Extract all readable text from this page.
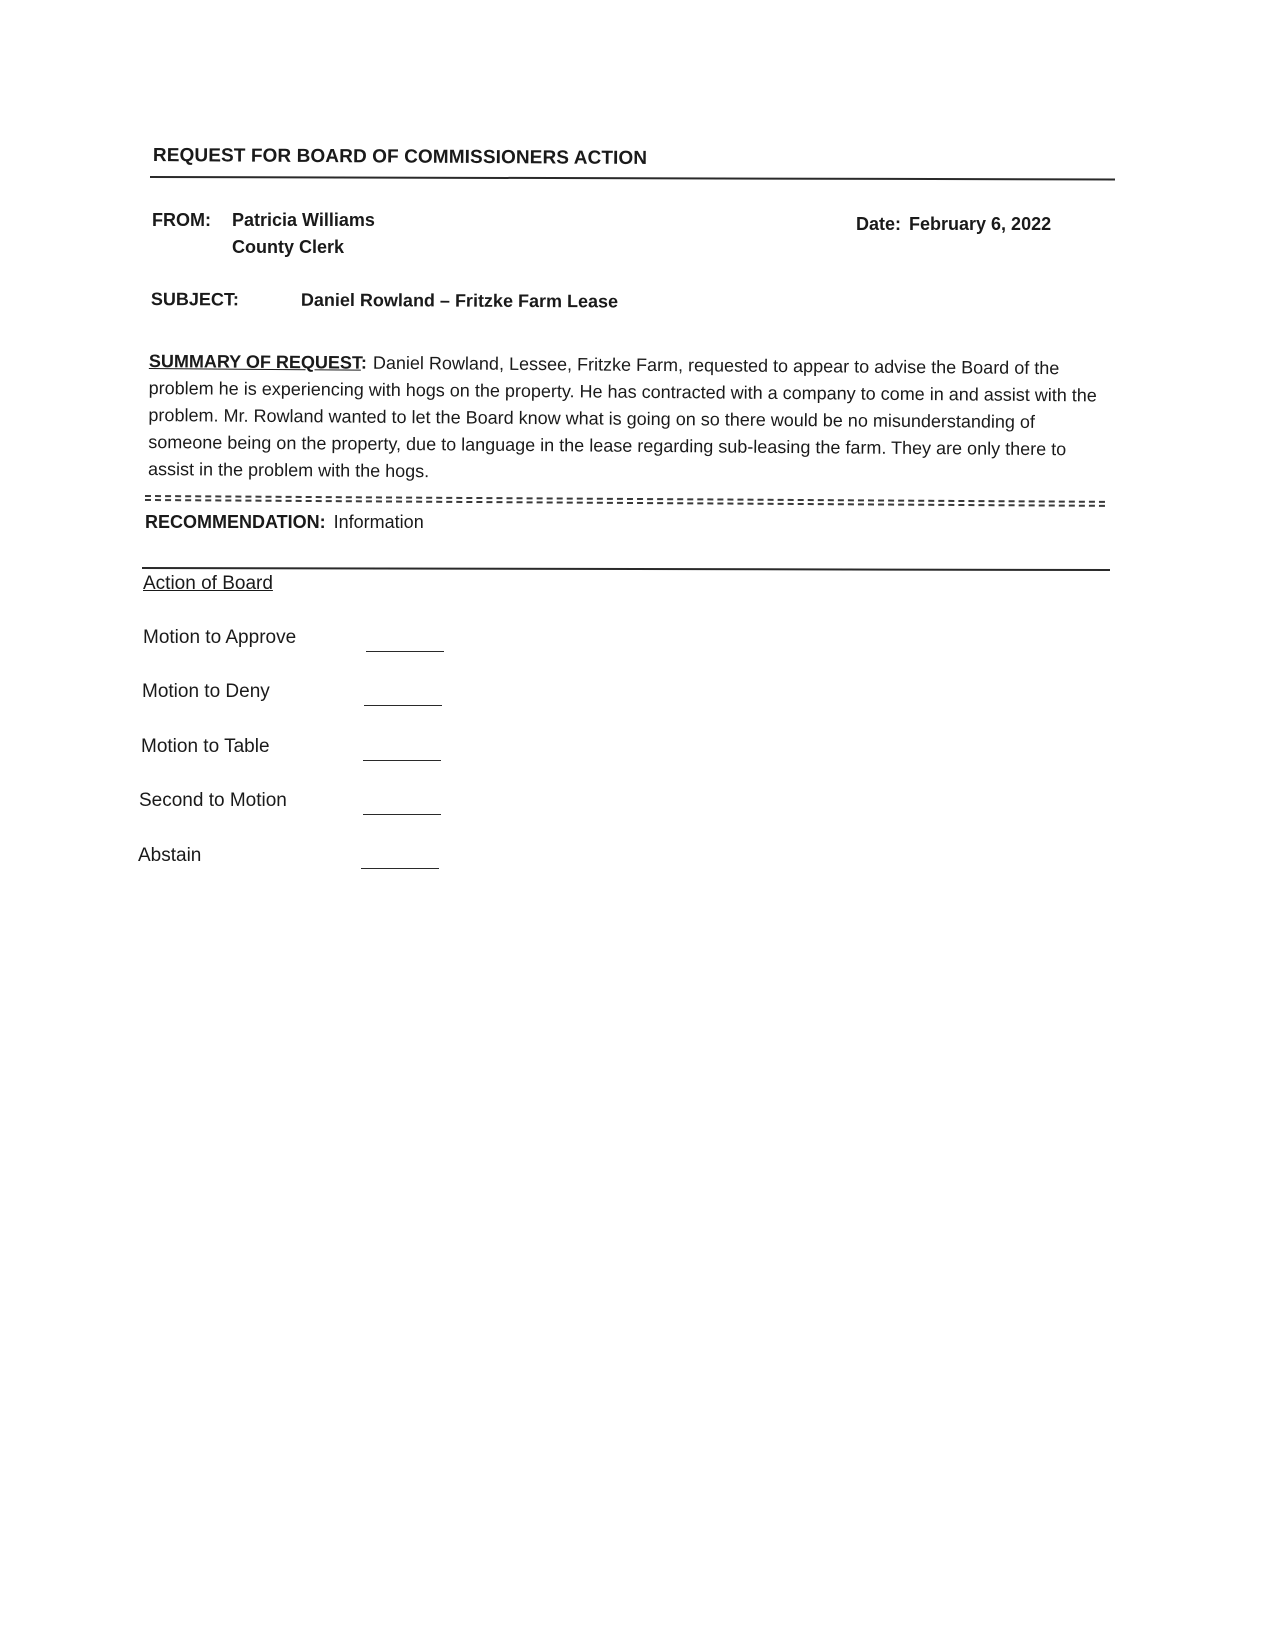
REQUEST FOR BOARD OF COMMISSIONERS ACTION
FROM: Patricia Williams
County Clerk
Date: February 6, 2022
SUBJECT:	Daniel Rowland – Fritzke Farm Lease
SUMMARY OF REQUEST: Daniel Rowland, Lessee, Fritzke Farm, requested to appear to advise the Board of the problem he is experiencing with hogs on the property. He has contracted with a company to come in and assist with the problem. Mr. Rowland wanted to let the Board know what is going on so there would be no misunderstanding of someone being on the property, due to language in the lease regarding sub-leasing the farm. They are only there to assist in the problem with the hogs.
RECOMMENDATION: Information
Action of Board
Motion to Approve
Motion to Deny
Motion to Table
Second to Motion
Abstain
